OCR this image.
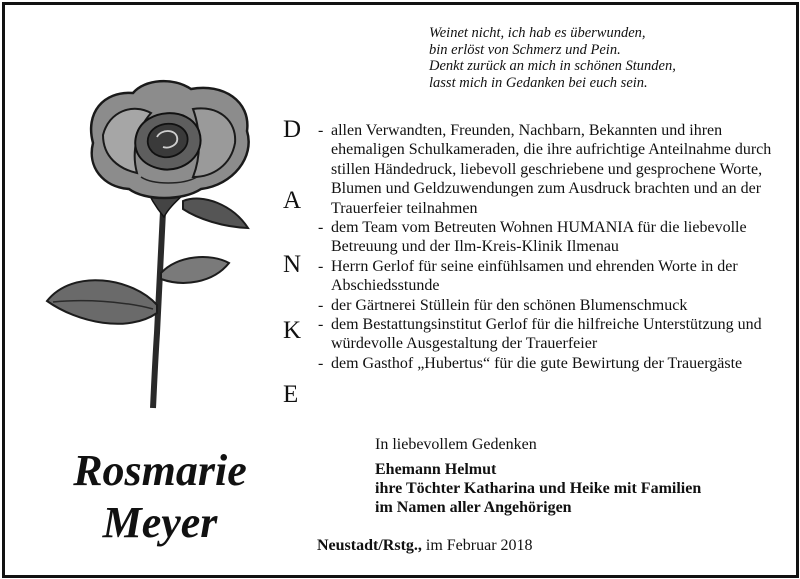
Weinet nicht, ich hab es überwunden,
bin erlöst von Schmerz und Pein.
Denkt zurück an mich in schönen Stunden,
lasst mich in Gedanken bei euch sein.
D
A
N
K
E
- allen Verwandten, Freunden, Nachbarn, Bekannten und ihren ehemaligen Schulkameraden, die ihre aufrichtige Anteilnahme durch stillen Händedruck, liebevoll geschriebene und gesprochene Worte, Blumen und Geldzuwendungen zum Ausdruck brachten und an der Trauerfeier teilnahmen
- dem Team vom Betreuten Wohnen HUMANIA für die liebevolle Betreuung und der Ilm-Kreis-Klinik Ilmenau
- Herrn Gerlof für seine einfühlsamen und ehrenden Worte in der Abschiedsstunde
- der Gärtnerei Stüllein für den schönen Blumenschmuck
- dem Bestattungsinstitut Gerlof für die hilfreiche Unterstützung und würdevolle Ausgestaltung der Trauerfeier
- dem Gasthof „Hubertus“ für die gute Bewirtung der Trauergäste
In liebevollem Gedenken
Ehemann Helmut
ihre Töchter Katharina und Heike mit Familien
im Namen aller Angehörigen
Rosmarie
Meyer	Neustadt/Rstg., im Februar 2018
